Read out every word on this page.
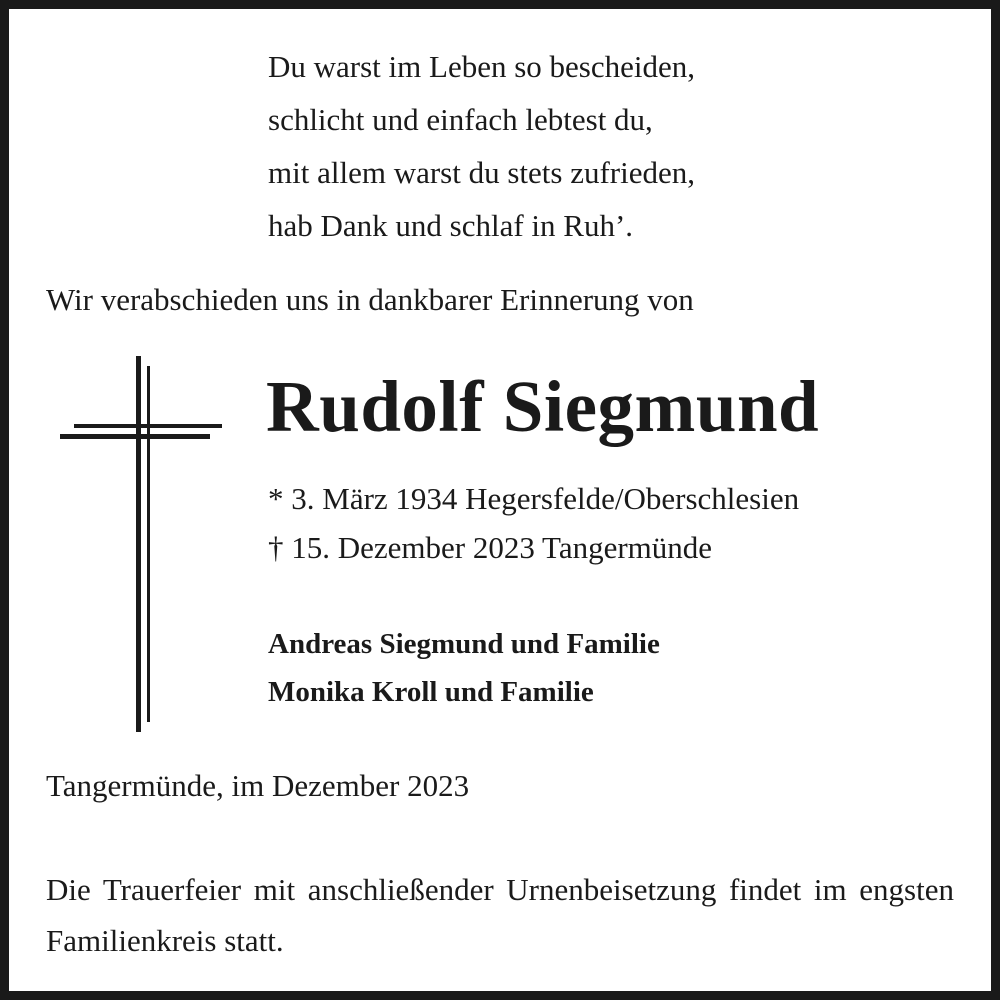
Du warst im Leben so bescheiden,
schlicht und einfach lebtest du,
mit allem warst du stets zufrieden,
hab Dank und schlaf in Ruh’.
Wir verabschieden uns in dankbarer Erinnerung von
Rudolf Siegmund
* 3. März 1934 Hegersfelde/Oberschlesien
† 15. Dezember 2023 Tangermünde
Andreas Siegmund und Familie
Monika Kroll und Familie
Tangermünde, im Dezember 2023
Die Trauerfeier mit anschließender Urnenbeisetzung findet im engsten Familienkreis statt.
